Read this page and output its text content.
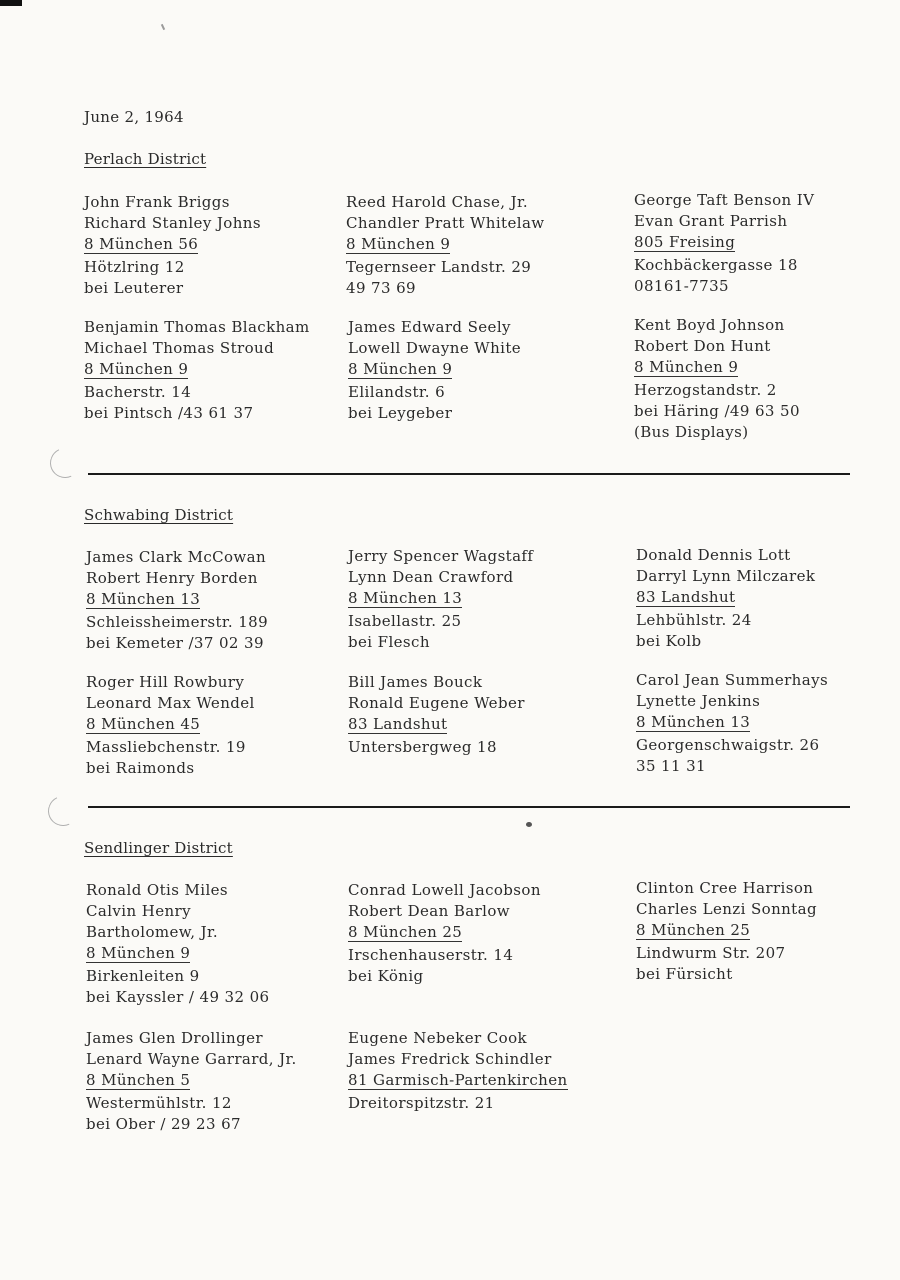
June 2, 1964
Perlach District
John Frank Briggs
Richard Stanley Johns
8 München 56
Hötzlring 12
bei Leuterer
Reed Harold Chase, Jr.
Chandler Pratt Whitelaw
8 München 9
Tegernseer Landstr. 29
49 73 69
George Taft Benson IV
Evan Grant Parrish
805 Freising
Kochbäckergasse 18
08161-7735
Benjamin Thomas Blackham
Michael Thomas Stroud
8 München 9
Bacherstr. 14
bei Pintsch /43 61 37
James Edward Seely
Lowell Dwayne White
8 München 9
Elilandstr. 6
bei Leygeber
Kent Boyd Johnson
Robert Don Hunt
8 München 9
Herzogstandstr. 2
bei Häring /49 63 50
(Bus Displays)
Schwabing District
James Clark McCowan
Robert Henry Borden
8 München 13
Schleissheimerstr. 189
bei Kemeter /37 02 39
Jerry Spencer Wagstaff
Lynn Dean Crawford
8 München 13
Isabellastr. 25
bei Flesch
Donald Dennis Lott
Darryl Lynn Milczarek
83 Landshut
Lehbühlstr. 24
bei Kolb
Roger Hill Rowbury
Leonard Max Wendel
8 München 45
Massliebchenstr. 19
bei Raimonds
Bill James Bouck
Ronald Eugene Weber
83 Landshut
Untersbergweg 18
Carol Jean Summerhays
Lynette Jenkins
8 München 13
Georgenschwaigstr. 26
35 11 31
Sendlinger District
Ronald Otis Miles
Calvin Henry
Bartholomew, Jr.
8 München 9
Birkenleiten 9
bei Kayssler / 49 32 06
Conrad Lowell Jacobson
Robert Dean Barlow
8 München 25
Irschenhauserstr. 14
bei König
Clinton Cree Harrison
Charles Lenzi Sonntag
8 München 25
Lindwurm Str. 207
bei Fürsicht
James Glen Drollinger
Lenard Wayne Garrard, Jr.
8 München 5
Westermühlstr. 12
bei Ober / 29 23 67
Eugene Nebeker Cook
James Fredrick Schindler
81 Garmisch-Partenkirchen
Dreitorspitzstr. 21
